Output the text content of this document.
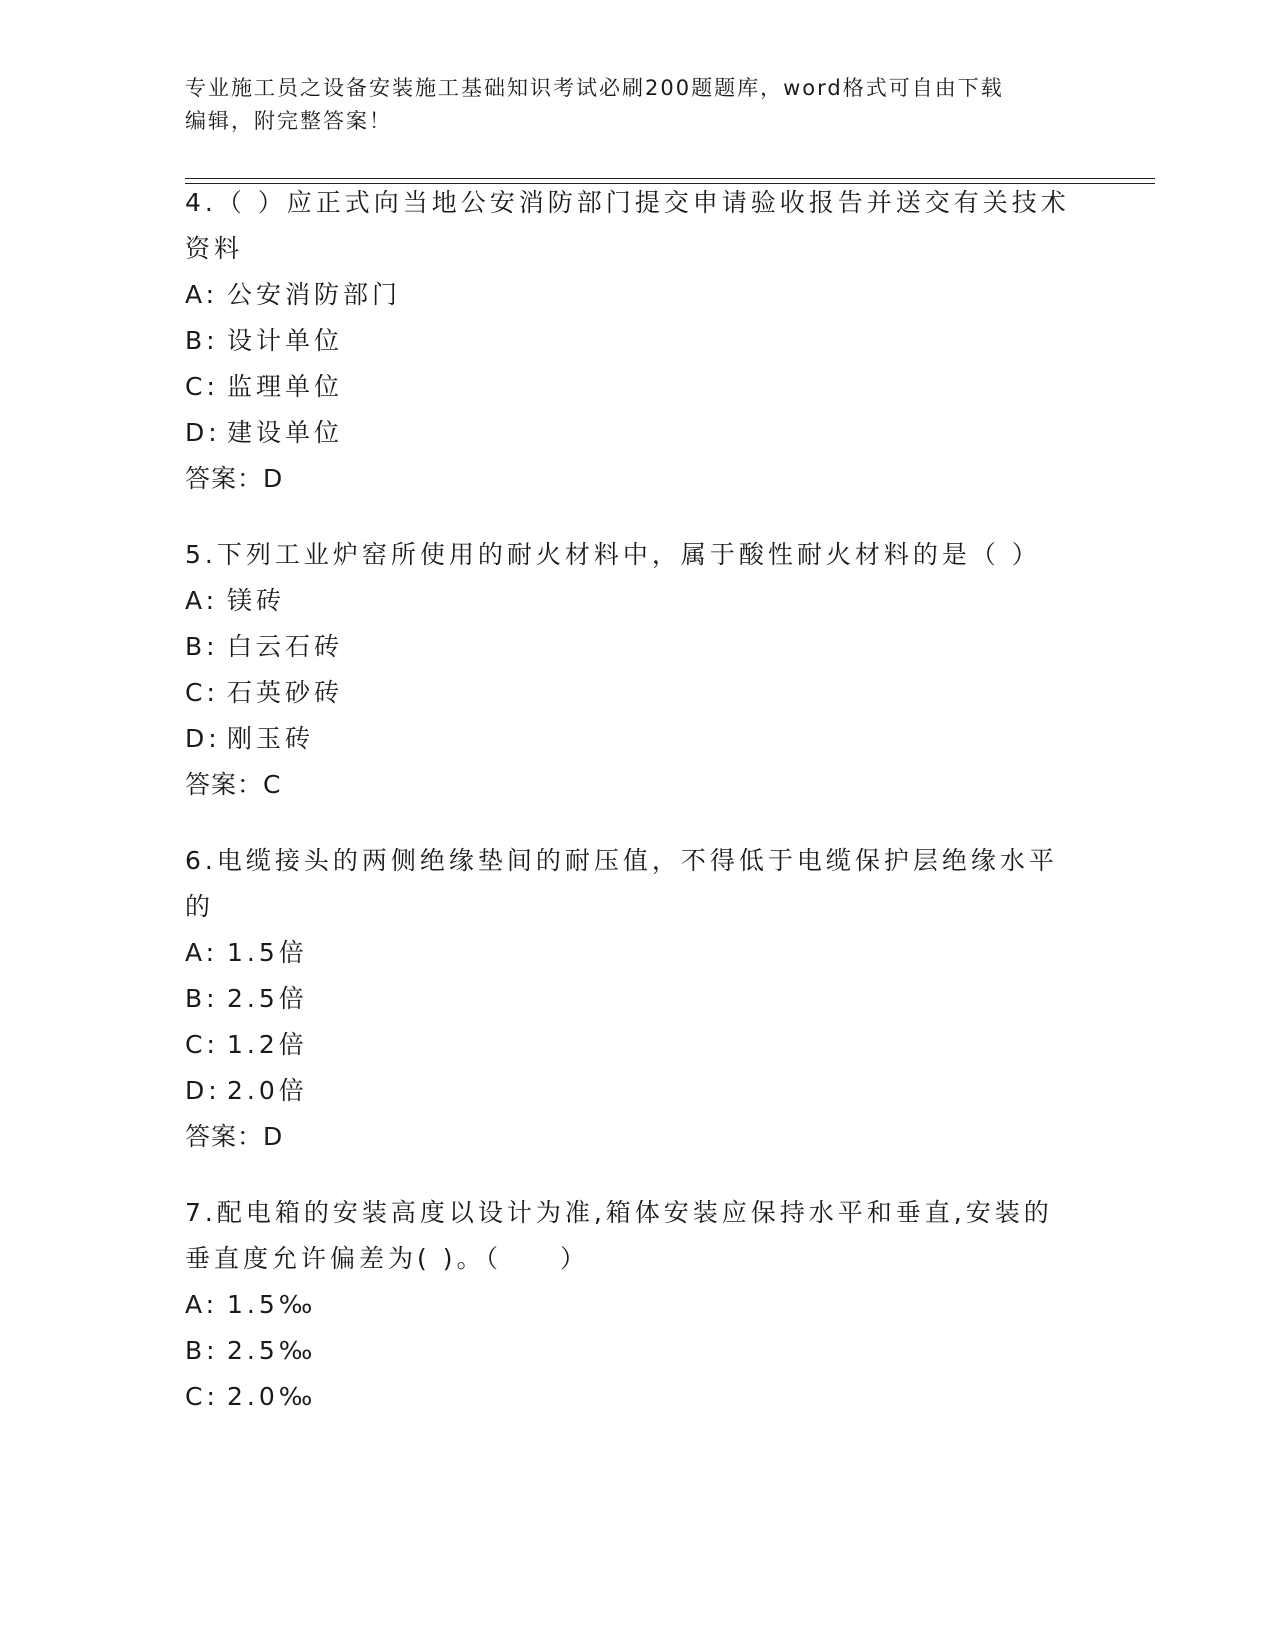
专业施工员之设备安装施工基础知识考试必刷200题题库，word格式可自由下载
编辑，附完整答案！

4.（ ）应正式向当地公安消防部门提交申请验收报告并送交有关技术

资料

A: 公安消防部门

B: 设计单位

C: 监理单位

D: 建设单位

答案：D

5.下列工业炉窑所使用的耐火材料中，属于酸性耐火材料的是（ ）

A: 镁砖

B: 白云石砖

C: 石英砂砖

D: 刚玉砖

答案：C

6.电缆接头的两侧绝缘垫间的耐压值，不得低于电缆保护层绝缘水平

的

A: 1.5倍

B: 2.5倍

C: 1.2倍

D: 2.0倍

答案：D

7.配电箱的安装高度以设计为准,箱体安装应保持水平和垂直,安装的

垂直度允许偏差为( )。（　　）

A: 1.5‰

B: 2.5‰

C: 2.0‰
